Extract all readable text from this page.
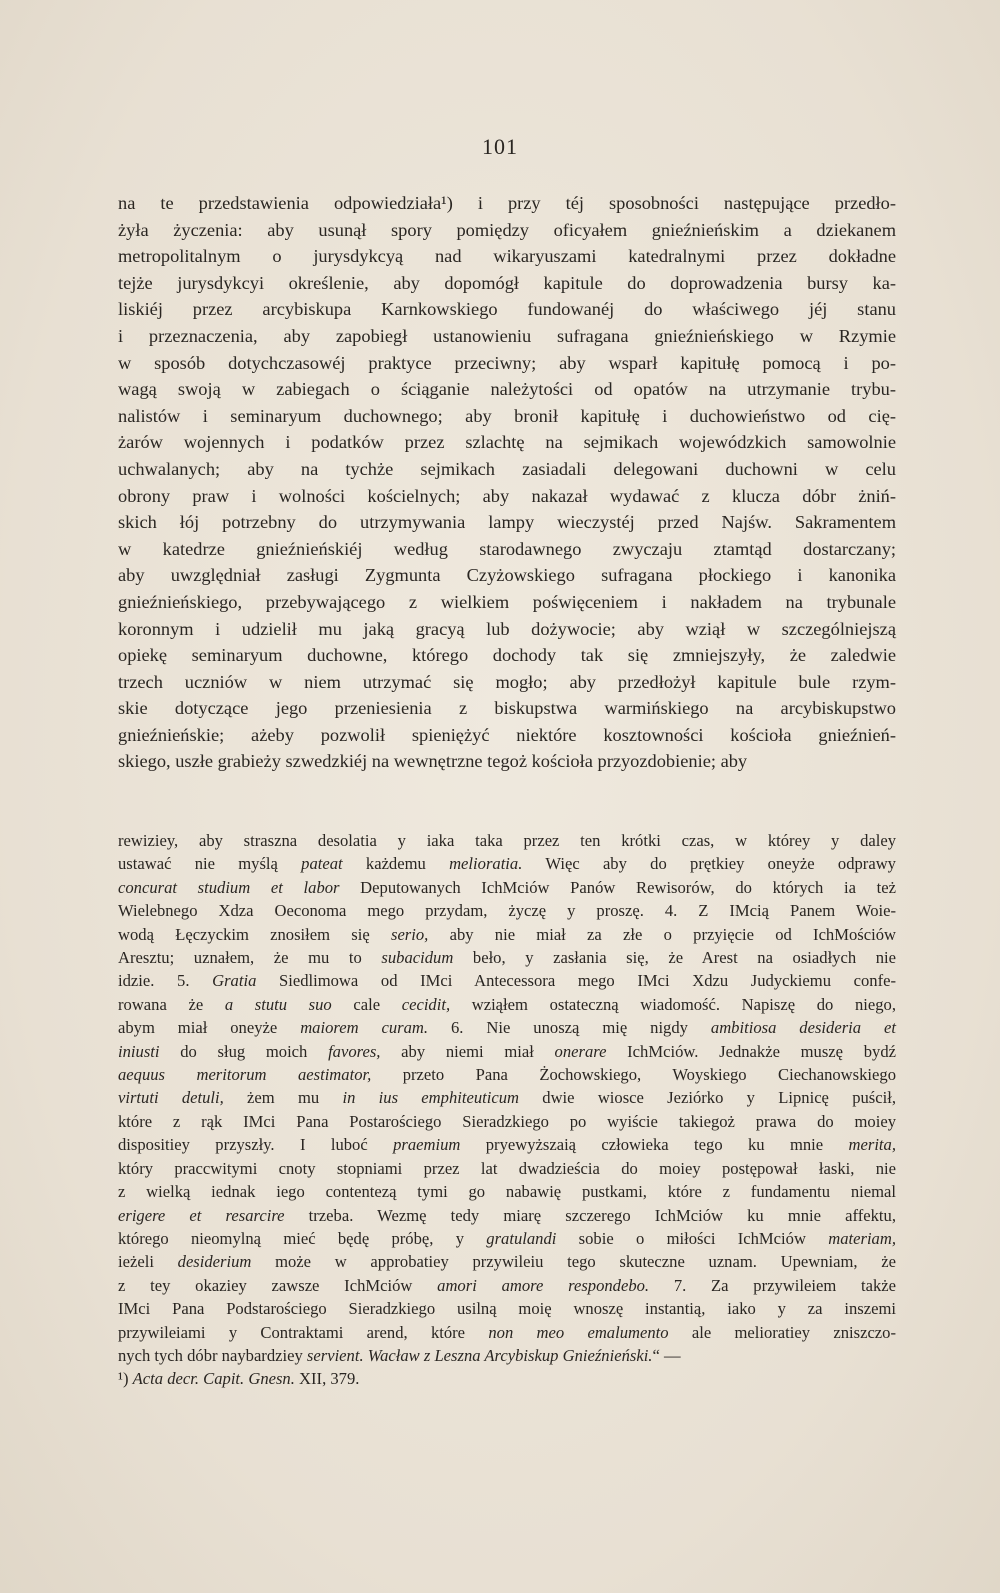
101
na te przedstawienia odpowiedziała¹) i przy téj sposobności następujące przedło-
żyła życzenia: aby usunął spory pomiędzy oficyałem gnieźnieńskim a dziekanem
metropolitalnym o jurysdykcyą nad wikaryuszami katedralnymi przez dokładne
tejże jurysdykcyi określenie, aby dopomógł kapitule do doprowadzenia bursy ka-
liskiéj przez arcybiskupa Karnkowskiego fundowanéj do właściwego jéj stanu
i przeznaczenia, aby zapobiegł ustanowieniu sufragana gnieźnieńskiego w Rzymie
w sposób dotychczasowéj praktyce przeciwny; aby wsparł kapitułę pomocą i po-
wagą swoją w zabiegach o ściąganie należytości od opatów na utrzymanie trybu-
nalistów i seminaryum duchownego; aby bronił kapitułę i duchowieństwo od cię-
żarów wojennych i podatków przez szlachtę na sejmikach wojewódzkich samowolnie
uchwalanych; aby na tychże sejmikach zasiadali delegowani duchowni w celu
obrony praw i wolności kościelnych; aby nakazał wydawać z klucza dóbr żniń-
skich łój potrzebny do utrzymywania lampy wieczystéj przed Najśw. Sakramentem
w katedrze gnieźnieńskiéj według starodawnego zwyczaju ztamtąd dostarczany;
aby uwzględniał zasługi Zygmunta Czyżowskiego sufragana płockiego i kanonika
gnieźnieńskiego, przebywającego z wielkiem poświęceniem i nakładem na trybunale
koronnym i udzielił mu jaką gracyą lub dożywocie; aby wziął w szczególniejszą
opiekę seminaryum duchowne, którego dochody tak się zmniejszyły, że zaledwie
trzech uczniów w niem utrzymać się mogło; aby przedłożył kapitule bule rzym-
skie dotyczące jego przeniesienia z biskupstwa warmińskiego na arcybiskupstwo
gnieźnieńskie; ażeby pozwolił spieniężyć niektóre kosztowności kościoła gnieźnień-
skiego, uszłe grabieży szwedzkiéj na wewnętrzne tegoż kościoła przyozdobienie; aby
rewiziey, aby straszna desolatia y iaka taka przez ten krótki czas, w którey y daley
ustawać nie myślą pateat każdemu melioratia. Więc aby do prętkiey oneyże odprawy
concurat studium et labor Deputowanych IchMciów Panów Rewisorów, do których ia też
Wielebnego Xdza Oeconoma mego przydam, życzę y proszę. 4. Z IMcią Panem Woie-
wodą Łęczyckim znosiłem się serio, aby nie miał za złe o przyięcie od IchMościów
Aresztu; uznałem, że mu to subacidum beło, y zasłania się, że Arest na osiadłych nie
idzie. 5. Gratia Siedlimowa od IMci Antecessora mego IMci Xdzu Judyckiemu confe-
rowana że a stutu suo cale cecidit, wziąłem ostateczną wiadomość. Napiszę do niego,
abym miał oneyże maiorem curam. 6. Nie unoszą mię nigdy ambitiosa desideria et
iniusti do sług moich favores, aby niemi miał onerare IchMciów. Jednakże muszę bydź
aequus meritorum aestimator, przeto Pana Żochowskiego, Woyskiego Ciechanowskiego
virtuti detuli, żem mu in ius emphiteuticum dwie wiosce Jeziórko y Lipnicę puścił,
które z rąk IMci Pana Postarościego Sieradzkiego po wyiście takiegoż prawa do moiey
dispositiey przyszły. I luboć praemium pryewyższaią człowieka tego ku mnie merita,
który praccwitymi cnoty stopniami przez lat dwadzieścia do moiey postępował łaski, nie
z wielką iednak iego contentezą tymi go nabawię pustkami, które z fundamentu niemal
erigere et resarcire trzeba. Wezmę tedy miarę szczerego IchMciów ku mnie affektu,
którego nieomylną mieć będę próbę, y gratulandi sobie o miłości IchMciów materiam,
ieżeli desiderium może w approbatiey przywileiu tego skuteczne uznam. Upewniam, że
z tey okaziey zawsze IchMciów amori amore respondebo. 7. Za przywileiem także
IMci Pana Podstarościego Sieradzkiego usilną moię wnoszę instantią, iako y za inszemi
przywileiami y Contraktami arend, które non meo emalumento ale melioratiey zniszczo-
nych tych dóbr naybardziey servient. Wacław z Leszna Arcybiskup Gnieźnieński.“ —
¹) Acta decr. Capit. Gnesn. XII, 379.
